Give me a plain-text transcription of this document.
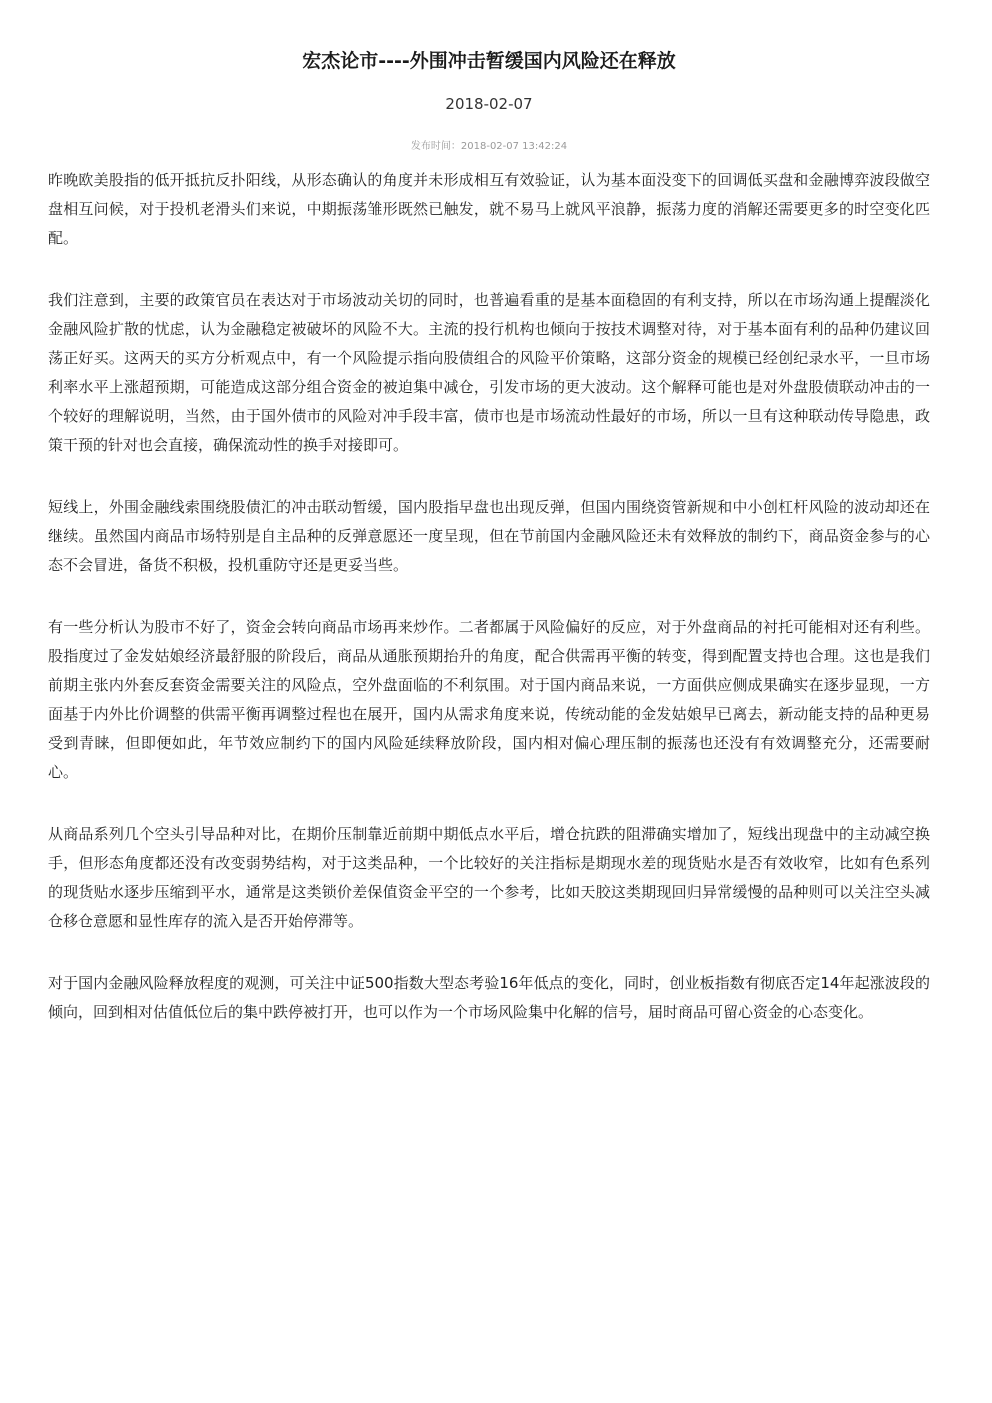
宏杰论市----外围冲击暂缓国内风险还在释放
2018-02-07
发布时间：2018-02-07 13:42:24

昨晚欧美股指的低开抵抗反扑阳线，从形态确认的角度并未形成相互有效验证，认为基本面没变下的回调低买盘和金融博弈波段做空盘相互问候，对于投机老滑头们来说，中期振荡雏形既然已触发，就不易马上就风平浪静，振荡力度的消解还需要更多的时空变化匹配。

我们注意到，主要的政策官员在表达对于市场波动关切的同时，也普遍看重的是基本面稳固的有利支持，所以在市场沟通上提醒淡化金融风险扩散的忧虑，认为金融稳定被破坏的风险不大。主流的投行机构也倾向于按技术调整对待，对于基本面有利的品种仍建议回荡正好买。这两天的买方分析观点中，有一个风险提示指向股债组合的风险平价策略，这部分资金的规模已经创纪录水平，一旦市场利率水平上涨超预期，可能造成这部分组合资金的被迫集中减仓，引发市场的更大波动。这个解释可能也是对外盘股债联动冲击的一个较好的理解说明，当然，由于国外债市的风险对冲手段丰富，债市也是市场流动性最好的市场，所以一旦有这种联动传导隐患，政策干预的针对也会直接，确保流动性的换手对接即可。

短线上，外围金融线索围绕股债汇的冲击联动暂缓，国内股指早盘也出现反弹，但国内围绕资管新规和中小创杠杆风险的波动却还在继续。虽然国内商品市场特别是自主品种的反弹意愿还一度呈现，但在节前国内金融风险还未有效释放的制约下，商品资金参与的心态不会冒进，备货不积极，投机重防守还是更妥当些。

有一些分析认为股市不好了，资金会转向商品市场再来炒作。二者都属于风险偏好的反应，对于外盘商品的衬托可能相对还有利些。股指度过了金发姑娘经济最舒服的阶段后，商品从通胀预期抬升的角度，配合供需再平衡的转变，得到配置支持也合理。这也是我们前期主张内外套反套资金需要关注的风险点，空外盘面临的不利氛围。对于国内商品来说，一方面供应侧成果确实在逐步显现，一方面基于内外比价调整的供需平衡再调整过程也在展开，国内从需求角度来说，传统动能的金发姑娘早已离去，新动能支持的品种更易受到青睐，但即便如此，年节效应制约下的国内风险延续释放阶段，国内相对偏心理压制的振荡也还没有有效调整充分，还需要耐心。

从商品系列几个空头引导品种对比，在期价压制靠近前期中期低点水平后，增仓抗跌的阻滞确实增加了，短线出现盘中的主动减空换手，但形态角度都还没有改变弱势结构，对于这类品种，一个比较好的关注指标是期现水差的现货贴水是否有效收窄，比如有色系列的现货贴水逐步压缩到平水，通常是这类锁价差保值资金平空的一个参考，比如天胶这类期现回归异常缓慢的品种则可以关注空头减仓移仓意愿和显性库存的流入是否开始停滞等。

对于国内金融风险释放程度的观测，可关注中证500指数大型态考验16年低点的变化，同时，创业板指数有彻底否定14年起涨波段的倾向，回到相对估值低位后的集中跌停被打开，也可以作为一个市场风险集中化解的信号，届时商品可留心资金的心态变化。
